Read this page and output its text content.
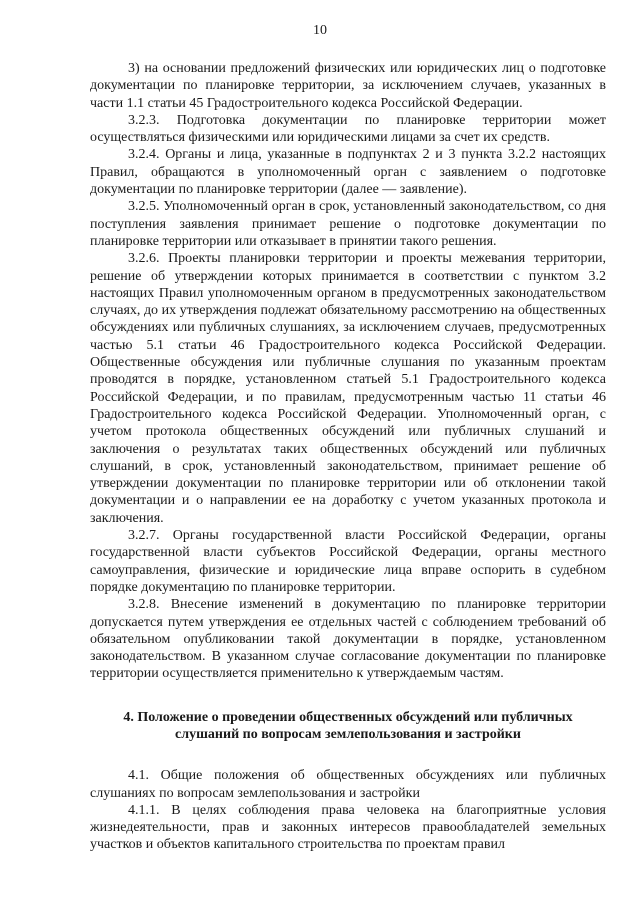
10

3) на основании предложений физических или юридических лиц о подготовке документации по планировке территории, за исключением случаев, указанных в части 1.1 статьи 45 Градостроительного кодекса Российской Федерации.

3.2.3. Подготовка документации по планировке территории может осуществляться физическими или юридическими лицами за счет их средств.

3.2.4. Органы и лица, указанные в подпунктах 2 и 3 пункта 3.2.2 настоящих Правил, обращаются в уполномоченный орган с заявлением о подготовке документации по планировке территории (далее — заявление).

3.2.5. Уполномоченный орган в срок, установленный законодательством, со дня поступления заявления принимает решение о подготовке документации по планировке территории или отказывает в принятии такого решения.

3.2.6. Проекты планировки территории и проекты межевания территории, решение об утверждении которых принимается в соответствии с пунктом 3.2 настоящих Правил уполномоченным органом в предусмотренных законодательством случаях, до их утверждения подлежат обязательному рассмотрению на общественных обсуждениях или публичных слушаниях, за исключением случаев, предусмотренных частью 5.1 статьи 46 Градостроительного кодекса Российской Федерации. Общественные обсуждения или публичные слушания по указанным проектам проводятся в порядке, установленном статьей 5.1 Градостроительного кодекса Российской Федерации, и по правилам, предусмотренным частью 11 статьи 46 Градостроительного кодекса Российской Федерации. Уполномоченный орган, с учетом протокола общественных обсуждений или публичных слушаний и заключения о результатах таких общественных обсуждений или публичных слушаний, в срок, установленный законодательством, принимает решение об утверждении документации по планировке территории или об отклонении такой документации и о направлении ее на доработку с учетом указанных протокола и заключения.

3.2.7. Органы государственной власти Российской Федерации, органы государственной власти субъектов Российской Федерации, органы местного самоуправления, физические и юридические лица вправе оспорить в судебном порядке документацию по планировке территории.

3.2.8. Внесение изменений в документацию по планировке территории допускается путем утверждения ее отдельных частей с соблюдением требований об обязательном опубликовании такой документации в порядке, установленном законодательством. В указанном случае согласование документации по планировке территории осуществляется применительно к утверждаемым частям.

4. Положение о проведении общественных обсуждений или публичных
слушаний по вопросам землепользования и застройки

4.1. Общие положения об общественных обсуждениях или публичных слушаниях по вопросам землепользования и застройки

4.1.1. В целях соблюдения права человека на благоприятные условия жизнедеятельности, прав и законных интересов правообладателей земельных участков и объектов капитального строительства по проектам правил
